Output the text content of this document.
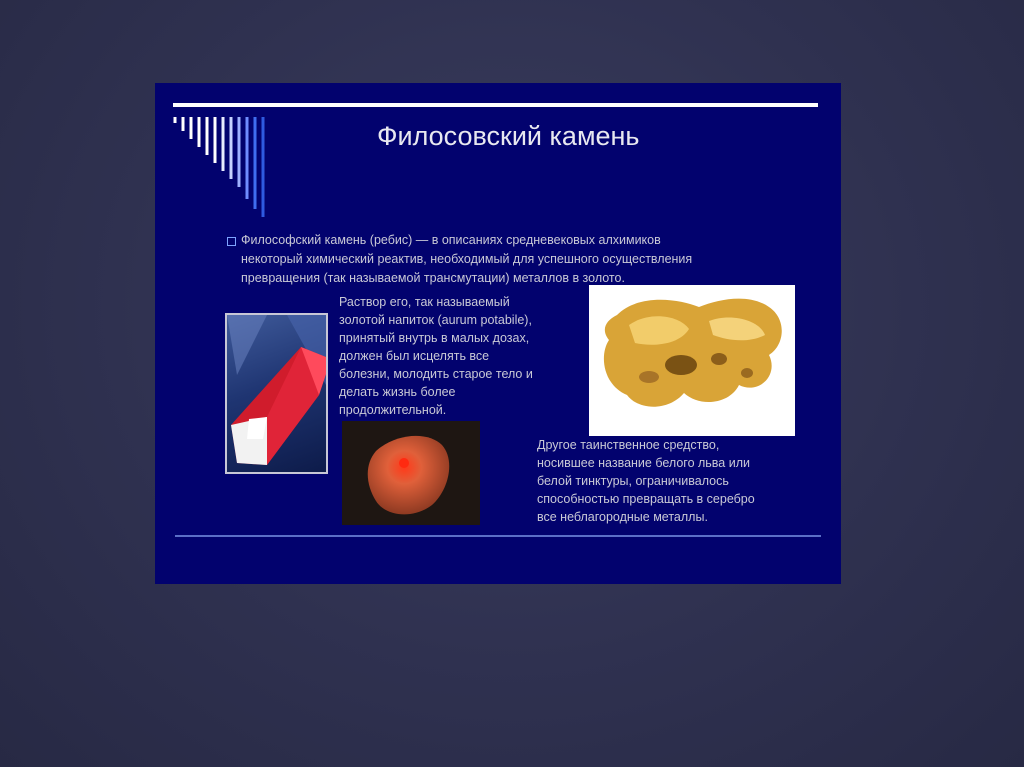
Филосовский камень
Философский камень (ребис) — в описаниях средневековых алхимиков
некоторый химический реактив, необходимый для успешного осуществления
превращения (так называемой трансмутации) металлов в золото.
Раствор его, так называемый
золотой напиток (aurum potabile),
принятый внутрь в малых дозах,
должен был исцелять все
болезни, молодить старое тело и
делать жизнь более
продолжительной.
Другое таинственное средство,
носившее название белого льва или
белой тинктуры, ограничивалось
способностью превращать в серебро
все неблагородные металлы.
